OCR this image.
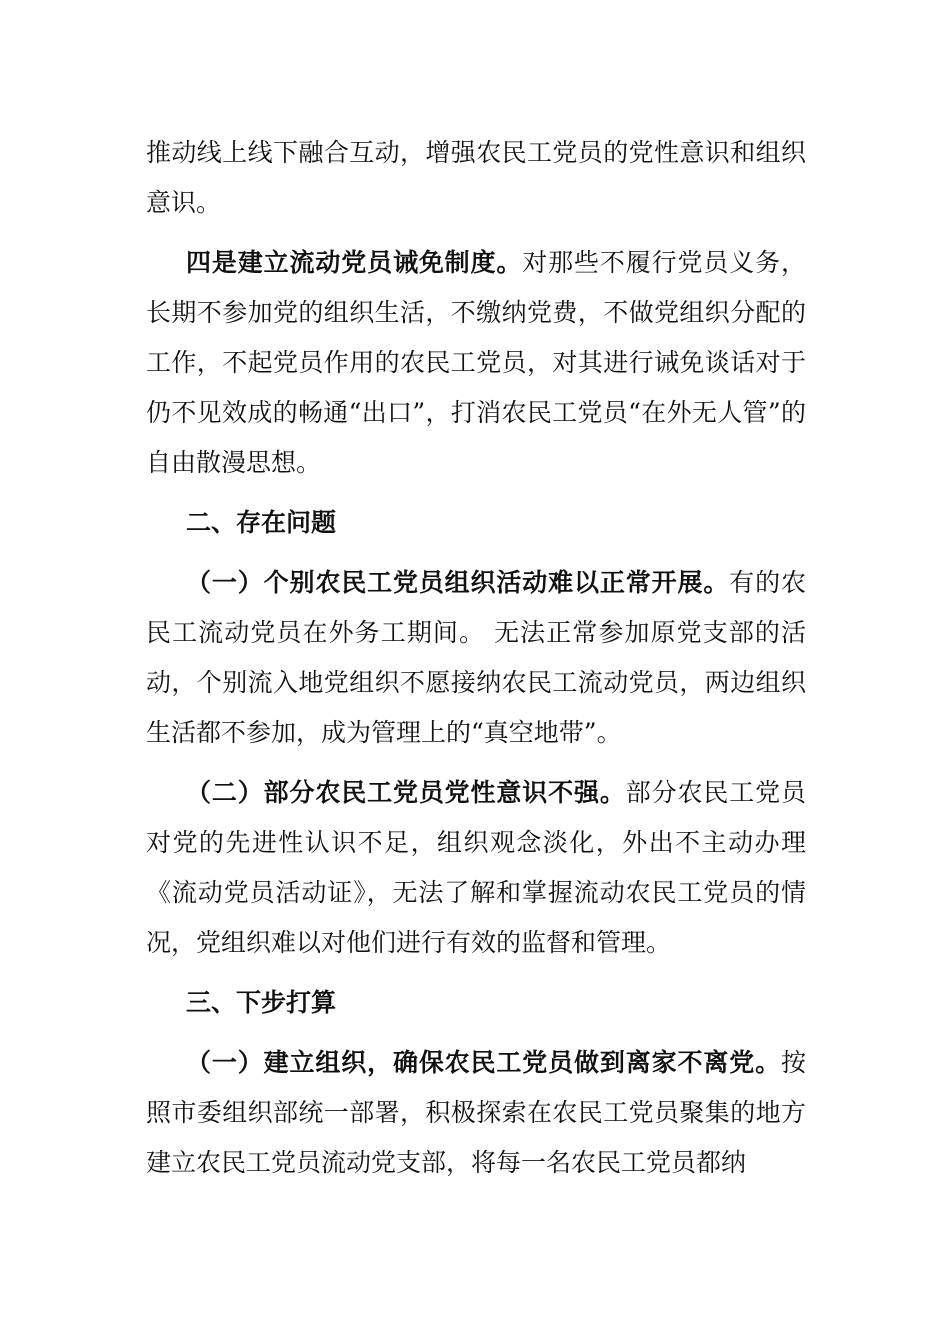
推动线上线下融合互动，增强农民工党员的党性意识和组织意识。

四是建立流动党员诫免制度。对那些不履行党员义务，长期不参加党的组织生活，不缴纳党费，不做党组织分配的工作，不起党员作用的农民工党员，对其进行诫免谈话对于仍不见效成的畅通“出口”，打消农民工党员“在外无人管”的自由散漫思想。

二、存在问题

（一）个别农民工党员组织活动难以正常开展。有的农民工流动党员在外务工期间。 无法正常参加原党支部的活动，个别流入地党组织不愿接纳农民工流动党员，两边组织生活都不参加，成为管理上的“真空地带”。

（二）部分农民工党员党性意识不强。部分农民工党员对党的先进性认识不足，组织观念淡化，外出不主动办理《流动党员活动证》，无法了解和掌握流动农民工党员的情况，党组织难以对他们进行有效的监督和管理。

三、下步打算

（一）建立组织，确保农民工党员做到离家不离党。按照市委组织部统一部署，积极探索在农民工党员聚集的地方建立农民工党员流动党支部，将每一名农民工党员都纳
